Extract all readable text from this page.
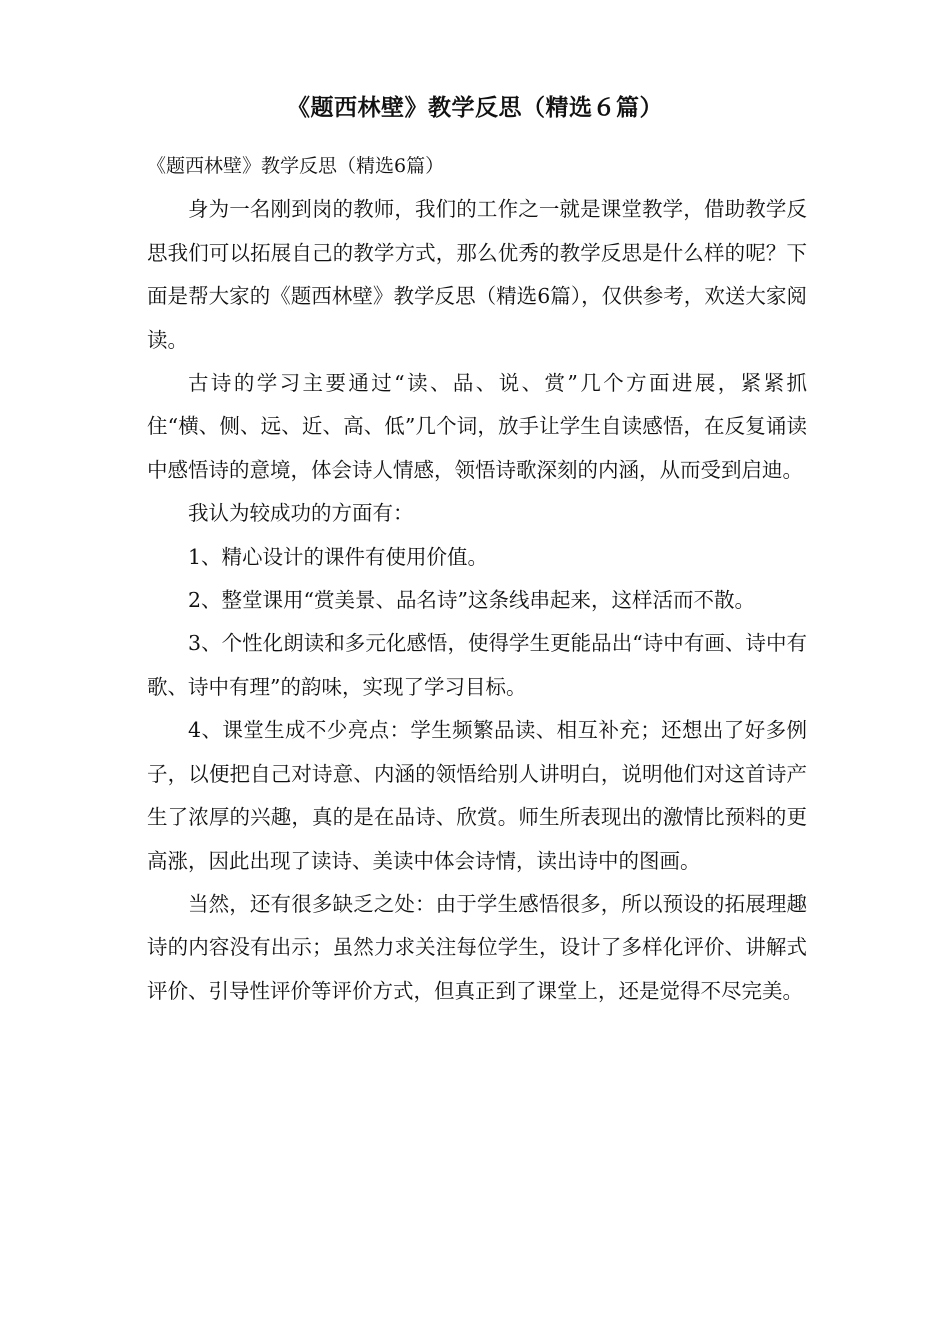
《题西林壁》教学反思（精选６篇）

《题西林壁》教学反思（精选6篇）

身为一名刚到岗的教师，我们的工作之一就是课堂教学，借助教学反思我们可以拓展自己的教学方式，那么优秀的教学反思是什么样的呢？下面是帮大家的《题西林壁》教学反思（精选6篇），仅供参考，欢送大家阅读。

古诗的学习主要通过“读、品、说、赏”几个方面进展，紧紧抓住“横、侧、远、近、高、低”几个词，放手让学生自读感悟，在反复诵读中感悟诗的意境，体会诗人情感，领悟诗歌深刻的内涵，从而受到启迪。

我认为较成功的方面有：

1、精心设计的课件有使用价值。

2、整堂课用“赏美景、品名诗”这条线串起来，这样活而不散。

3、个性化朗读和多元化感悟，使得学生更能品出“诗中有画、诗中有歌、诗中有理”的韵味，实现了学习目标。

4、课堂生成不少亮点：学生频繁品读、相互补充；还想出了好多例子，以便把自己对诗意、内涵的领悟给别人讲明白，说明他们对这首诗产生了浓厚的兴趣，真的是在品诗、欣赏。师生所表现出的激情比预料的更高涨，因此出现了读诗、美读中体会诗情，读出诗中的图画。

当然，还有很多缺乏之处：由于学生感悟很多，所以预设的拓展理趣诗的内容没有出示；虽然力求关注每位学生，设计了多样化评价、讲解式评价、引导性评价等评价方式，但真正到了课堂上，还是觉得不尽完美。
